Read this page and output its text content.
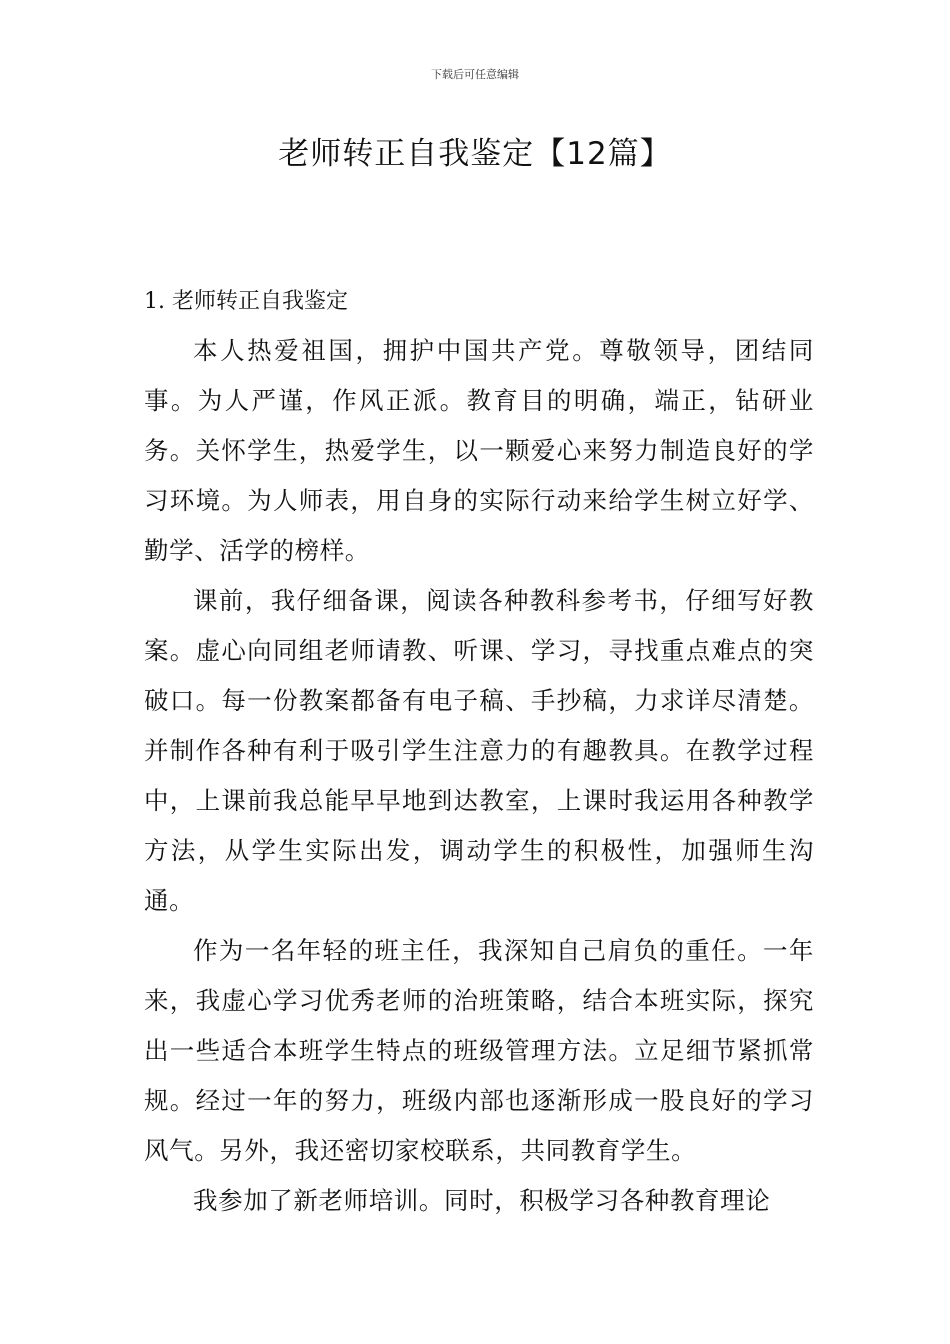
下载后可任意编辑
老师转正自我鉴定【12篇】
1. 老师转正自我鉴定

本人热爱祖国，拥护中国共产党。尊敬领导，团结同事。为人严谨，作风正派。教育目的明确，端正，钻研业务。关怀学生，热爱学生，以一颗爱心来努力制造良好的学习环境。为人师表，用自身的实际行动来给学生树立好学、勤学、活学的榜样。

课前，我仔细备课，阅读各种教科参考书，仔细写好教案。虚心向同组老师请教、听课、学习，寻找重点难点的突破口。每一份教案都备有电子稿、手抄稿，力求详尽清楚。并制作各种有利于吸引学生注意力的有趣教具。在教学过程中，上课前我总能早早地到达教室，上课时我运用各种教学方法，从学生实际出发，调动学生的积极性，加强师生沟通。

作为一名年轻的班主任，我深知自己肩负的重任。一年来，我虚心学习优秀老师的治班策略，结合本班实际，探究出一些适合本班学生特点的班级管理方法。立足细节紧抓常规。经过一年的努力，班级内部也逐渐形成一股良好的学习风气。另外，我还密切家校联系，共同教育学生。

我参加了新老师培训。同时，积极学习各种教育理论
